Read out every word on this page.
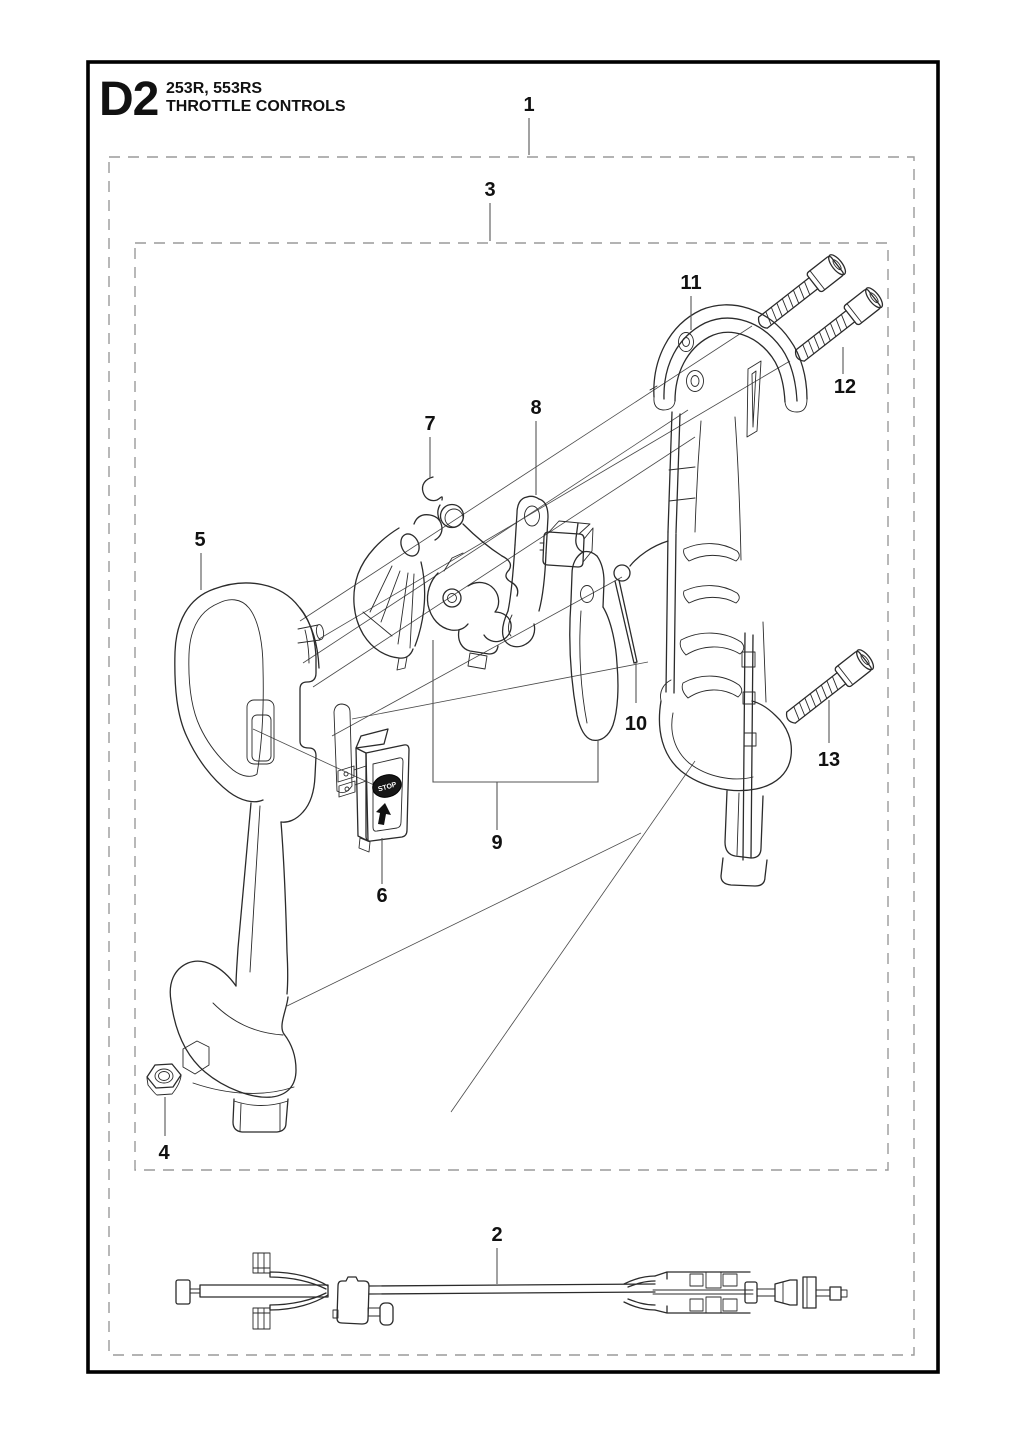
D2 253R, 553RS
THROTTLE CONTROLS
STOP
1
3
5
7
8
11
12
13
10
9
6
4
2
